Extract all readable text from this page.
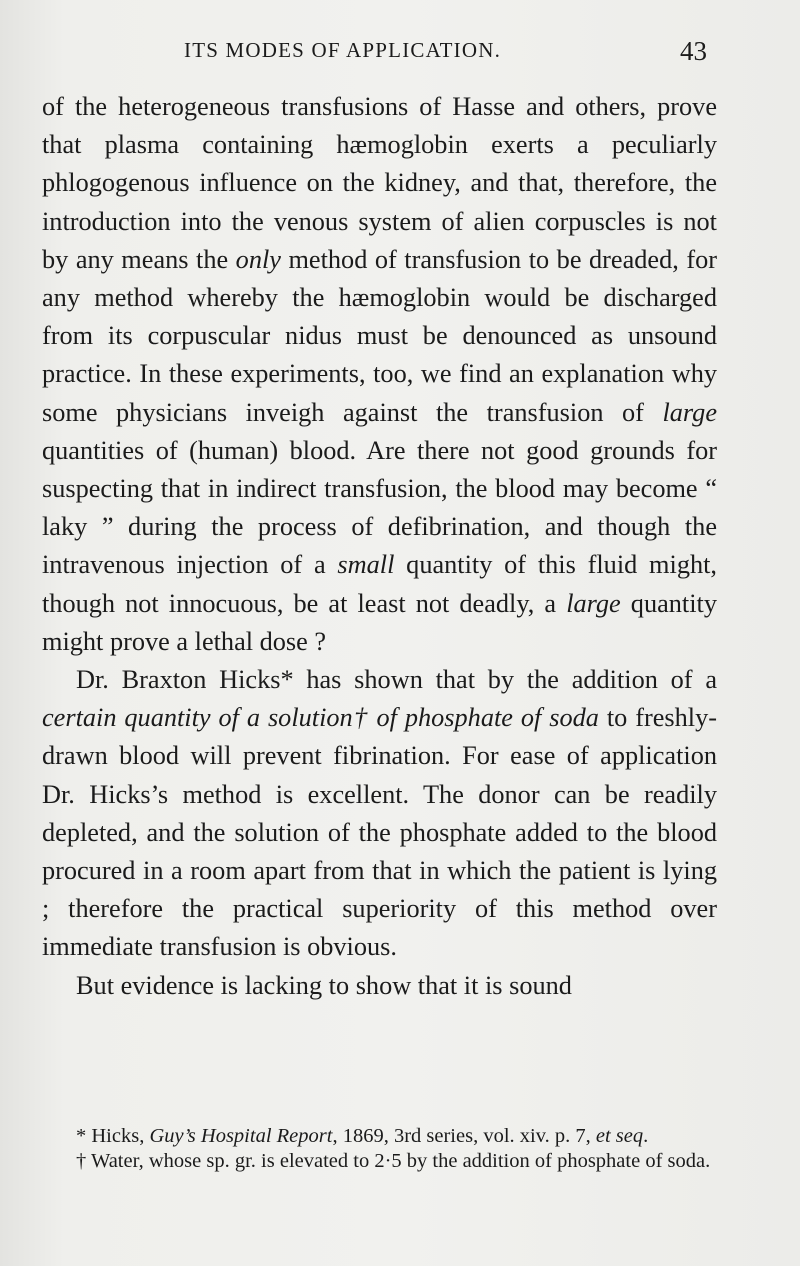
ITS MODES OF APPLICATION.	43

of the heterogeneous transfusions of Hasse and others, prove that plasma containing hæmoglobin exerts a peculiarly phlogogenous influence on the kidney, and that, therefore, the introduction into the venous system of alien corpuscles is not by any means the only method of transfusion to be dreaded, for any method whereby the hæmoglobin would be discharged from its corpuscular nidus must be denounced as unsound practice. In these experiments, too, we find an explanation why some physicians inveigh against the transfusion of large quantities of (human) blood. Are there not good grounds for suspecting that in indirect transfusion, the blood may become “ laky ” during the process of defibrination, and though the intravenous injection of a small quantity of this fluid might, though not innocuous, be at least not deadly, a large quantity might prove a lethal dose ?

Dr. Braxton Hicks* has shown that by the addition of a certain quantity of a solution† of phosphate of soda to freshly-drawn blood will prevent fibrination. For ease of application Dr. Hicks’s method is excellent. The donor can be readily depleted, and the solution of the phosphate added to the blood procured in a room apart from that in which the patient is lying ; therefore the practical superiority of this method over immediate transfusion is obvious.

But evidence is lacking to show that it is sound

* Hicks, Guy’s Hospital Report, 1869, 3rd series, vol. xiv. p. 7, et seq.

† Water, whose sp. gr. is elevated to 2·5 by the addition of phosphate of soda.
